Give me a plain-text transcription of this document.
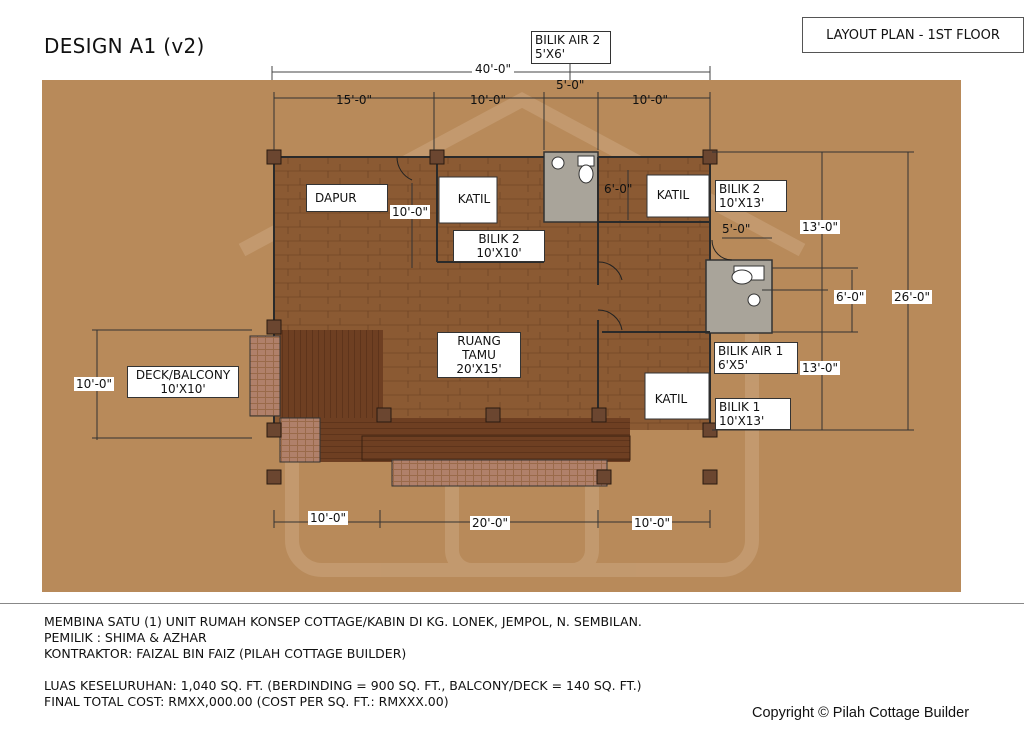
DESIGN A1 (v2)	LAYOUT PLAN - 1ST FLOOR
BILIK AIR 2
5'X6'
DAPUR	KATIL
BILIK 2
10'X10'
KATIL	BILIK 2
10'X13'
RUANG
TAMU
20'X15'
DECK/BALCONY
10'X10'
BILIK AIR 1
6'X5'
KATIL
BILIK 1
10'X13'
15'-0"	10'-0"
5'-0"
10'-0"
10'-0"
6'-0"
5'-0"	13'-0"
6'-0" 26'-0"
13'-0"
10'-0"
10'-0"	20'-0"	10'-0"
40'-0"
MEMBINA SATU (1) UNIT RUMAH KONSEP COTTAGE/KABIN DI KG. LONEK, JEMPOL, N. SEMBILAN.
PEMILIK : SHIMA & AZHAR
KONTRAKTOR: FAIZAL BIN FAIZ (PILAH COTTAGE BUILDER)
LUAS KESELURUHAN: 1,040 SQ. FT. (BERDINDING = 900 SQ. FT., BALCONY/DECK = 140 SQ. FT.)
FINAL TOTAL COST: RMXX,000.00 (COST PER SQ. FT.: RMXXX.00)
Copyright © Pilah Cottage Builder
